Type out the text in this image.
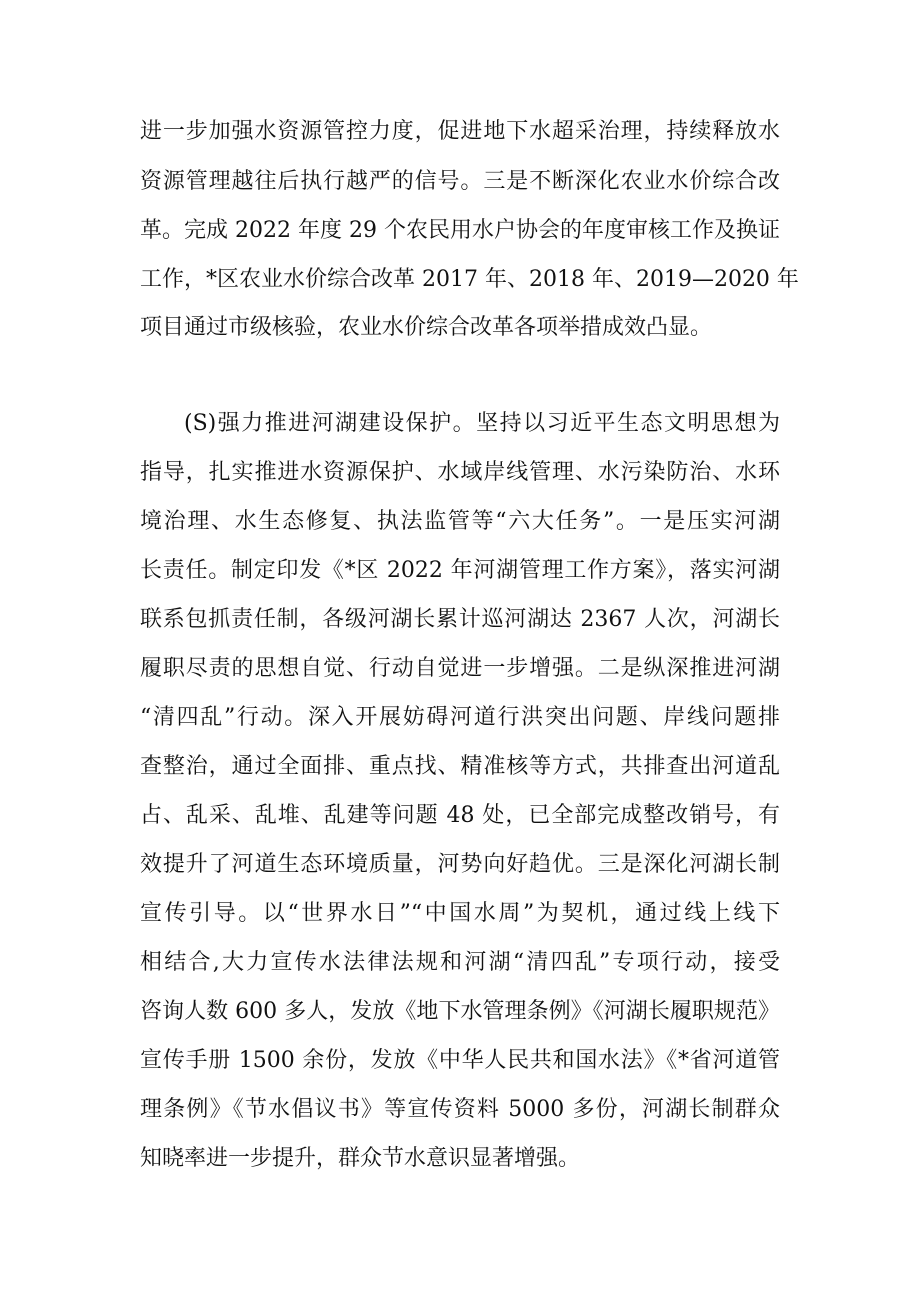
进一步加强水资源管控力度，促进地下水超采治理，持续释放水
资源管理越往后执行越严的信号。三是不断深化农业水价综合改
革。完成 2022 年度 29 个农民用水户协会的年度审核工作及换证
工作，*区农业水价综合改革 2017 年、2018 年、2019—2020 年
项目通过市级核验，农业水价综合改革各项举措成效凸显。
(S)强力推进河湖建设保护。坚持以习近平生态文明思想为
指导，扎实推进水资源保护、水域岸线管理、水污染防治、水环
境治理、水生态修复、执法监管等“六大任务”。一是压实河湖
长责任。制定印发《*区 2022 年河湖管理工作方案》，落实河湖
联系包抓责任制，各级河湖长累计巡河湖达 2367 人次，河湖长
履职尽责的思想自觉、行动自觉进一步增强。二是纵深推进河湖
“清四乱”行动。深入开展妨碍河道行洪突出问题、岸线问题排
查整治，通过全面排、重点找、精准核等方式，共排查出河道乱
占、乱采、乱堆、乱建等问题 48 处，已全部完成整改销号，有
效提升了河道生态环境质量，河势向好趋优。三是深化河湖长制
宣传引导。以“世界水日”“中国水周”为契机，通过线上线下
相结合,大力宣传水法律法规和河湖“清四乱”专项行动，接受
咨询人数 600 多人，发放《地下水管理条例》《河湖长履职规范》
宣传手册 1500 余份，发放《中华人民共和国水法》《*省河道管
理条例》《节水倡议书》等宣传资料 5000 多份，河湖长制群众
知晓率进一步提升，群众节水意识显著增强。
